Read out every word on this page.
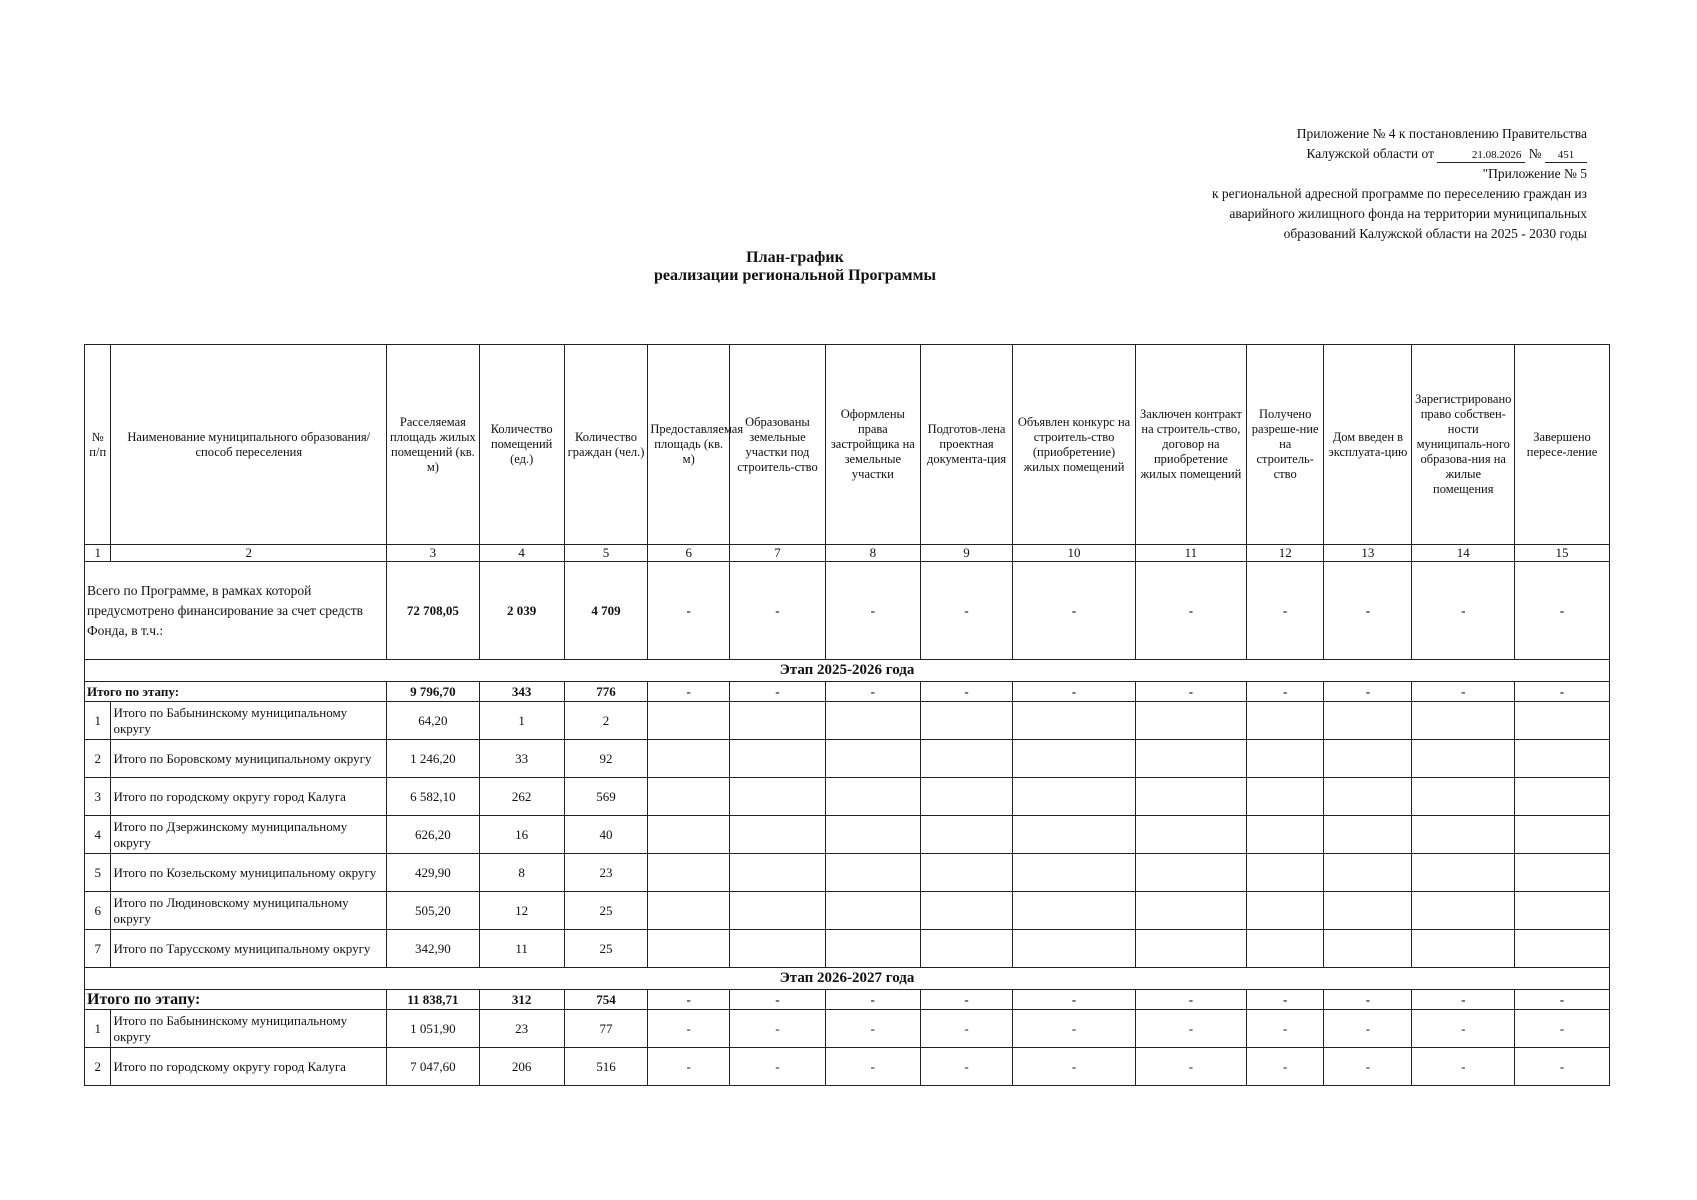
Приложение № 4 к постановлению Правительства
Калужской области от	21.08.2026 № 451
"Приложение № 5
к региональной адресной программе по переселению граждан из
аварийного жилищного фонда на территории муниципальных
образований Калужской области на 2025 - 2030 годы
План-график
реализации региональной Программы
№ п/п	Наименование муниципального образования/способ переселения	Расселяемая площадь жилых помещений (кв. м)	Количество помещений (ед.)	Количество граждан (чел.)	Предоставляемая площадь (кв. м)	Образованы земельные участки под строитель-ство	Оформлены права застройщика на земельные участки	Подготов-лена проектная документа-ция	Объявлен конкурс на строитель-ство (приобретение) жилых помещений	Заключен контракт на строитель-ство, договор на приобретение жилых помещений	Получено разреше-ние на строитель-ство	Дом введен в эксплуата-цию	Зарегистрировано право собствен-ности муниципаль-ного образова-ния на жилые помещения	Завершено пересе-ление
1	2	3	4	5	6	7	8	9	10	11	12	13	14	15
Всего по Программе, в рамках которой предусмотрено финансирование за счет средств Фонда, в т.ч.:		72 708,05	2 039	4 709	-	-	-	-	-	-	-	-	-	-
Этап 2025-2026 года														
Итого по этапу:		9 796,70	343	776	-	-	-	-	-	-	-	-	-	-
1	Итого по Бабынинскому муниципальному округу	64,20	1	2										
2	Итого по Боровскому муниципальному округу	1 246,20	33	92										
3	Итого по городскому округу город Калуга	6 582,10	262	569										
4	Итого по Дзержинскому муниципальному округу	626,20	16	40										
5	Итого по Козельскому муниципальному округу	429,90	8	23										
6	Итого по Людиновскому муниципальному округу	505,20	12	25										
7	Итого по Тарусскому муниципальному округу	342,90	11	25										
Этап 2026-2027 года														
Итого по этапу:		11 838,71	312	754	-	-	-	-	-	-	-	-	-	-
1	Итого по Бабынинскому муниципальному округу	1 051,90	23	77	-	-	-	-	-	-	-	-	-	-
2	Итого по городскому округу город Калуга	7 047,60	206	516	-	-	-	-	-	-	-	-	-	-
